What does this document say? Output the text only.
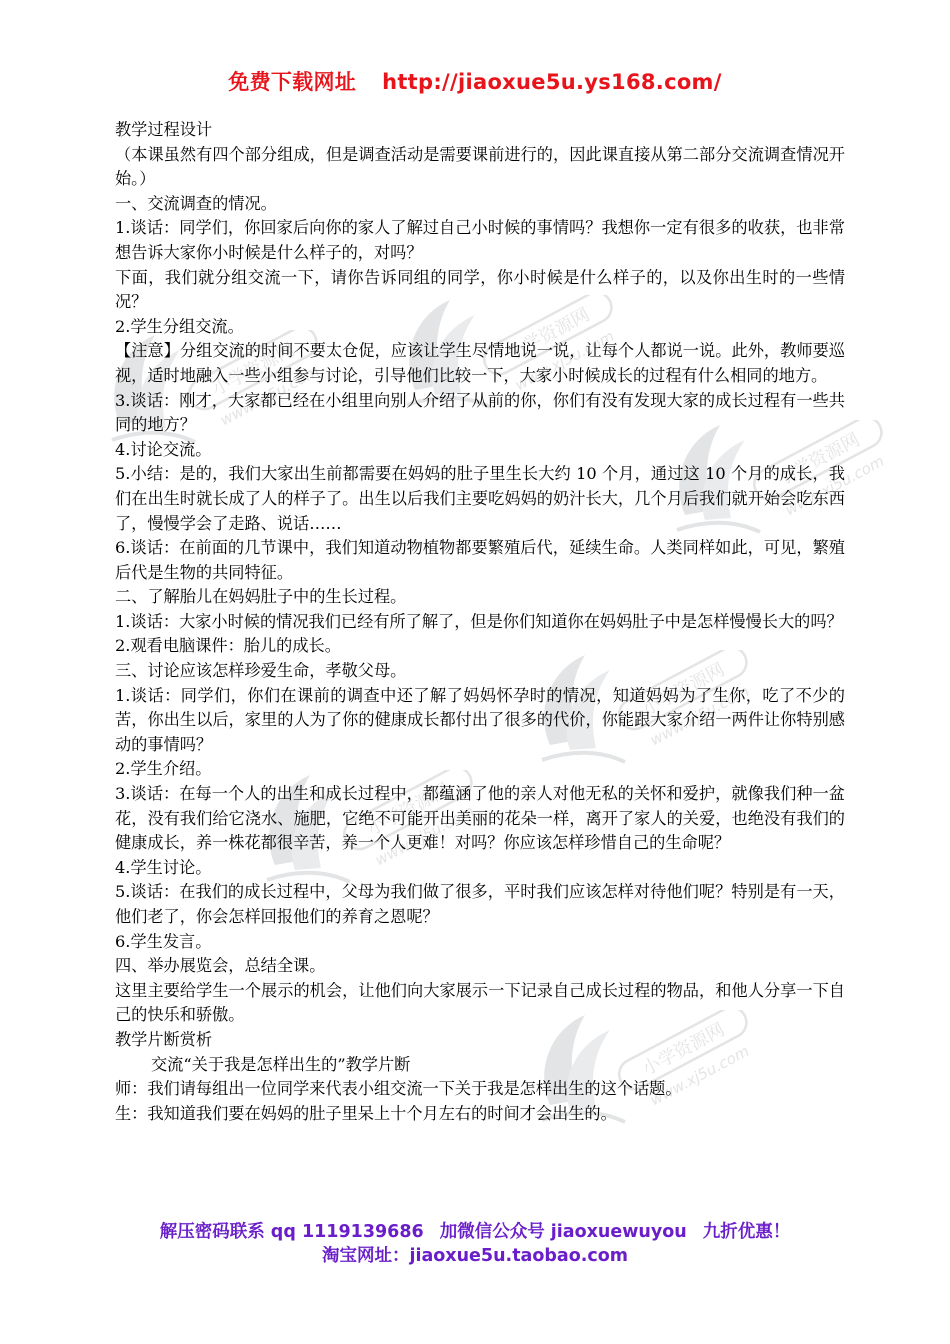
免费下载网址 http://jiaoxue5u.ys168.com/

教学过程设计

（本课虽然有四个部分组成，但是调查活动是需要课前进行的，因此课直接从第二部分交流调查情况开始。）

一、交流调查的情况。

1.谈话：同学们，你回家后向你的家人了解过自己小时候的事情吗？我想你一定有很多的收获，也非常想告诉大家你小时候是什么样子的，对吗？

下面，我们就分组交流一下，请你告诉同组的同学，你小时候是什么样子的，以及你出生时的一些情况？

2.学生分组交流。

【注意】分组交流的时间不要太仓促，应该让学生尽情地说一说，让每个人都说一说。此外，教师要巡视，适时地融入一些小组参与讨论，引导他们比较一下，大家小时候成长的过程有什么相同的地方。

3.谈话：刚才，大家都已经在小组里向别人介绍了从前的你，你们有没有发现大家的成长过程有一些共同的地方？

4.讨论交流。

5.小结：是的，我们大家出生前都需要在妈妈的肚子里生长大约 10 个月，通过这 10 个月的成长，我们在出生时就长成了人的样子了。出生以后我们主要吃妈妈的奶汁长大，几个月后我们就开始会吃东西了，慢慢学会了走路、说话……

6.谈话：在前面的几节课中，我们知道动物植物都要繁殖后代，延续生命。人类同样如此，可见，繁殖后代是生物的共同特征。

二、了解胎儿在妈妈肚子中的生长过程。

1.谈话：大家小时候的情况我们已经有所了解了，但是你们知道你在妈妈肚子中是怎样慢慢长大的吗？

2.观看电脑课件：胎儿的成长。

三、讨论应该怎样珍爱生命，孝敬父母。

1.谈话：同学们，你们在课前的调查中还了解了妈妈怀孕时的情况，知道妈妈为了生你，吃了不少的苦，你出生以后，家里的人为了你的健康成长都付出了很多的代价，你能跟大家介绍一两件让你特别感动的事情吗？

2.学生介绍。

3.谈话：在每一个人的出生和成长过程中，都蕴涵了他的亲人对他无私的关怀和爱护，就像我们种一盆花，没有我们给它浇水、施肥，它绝不可能开出美丽的花朵一样，离开了家人的关爱，也绝没有我们的健康成长，养一株花都很辛苦，养一个人更难！对吗？你应该怎样珍惜自己的生命呢？

4.学生讨论。

5.谈话：在我们的成长过程中，父母为我们做了很多，平时我们应该怎样对待他们呢？特别是有一天，他们老了，你会怎样回报他们的养育之恩呢？

6.学生发言。

四、举办展览会，总结全课。

这里主要给学生一个展示的机会，让他们向大家展示一下记录自己成长过程的物品，和他人分享一下自己的快乐和骄傲。

教学片断赏析

交流“关于我是怎样出生的”教学片断

师：我们请每组出一位同学来代表小组交流一下关于我是怎样出生的这个话题。

生：我知道我们要在妈妈的肚子里呆上十个月左右的时间才会出生的。

解压密码联系 qq 1119139686 加微信公众号 jiaoxuewuyou 九折优惠！
淘宝网址：jiaoxue5u.taobao.com
